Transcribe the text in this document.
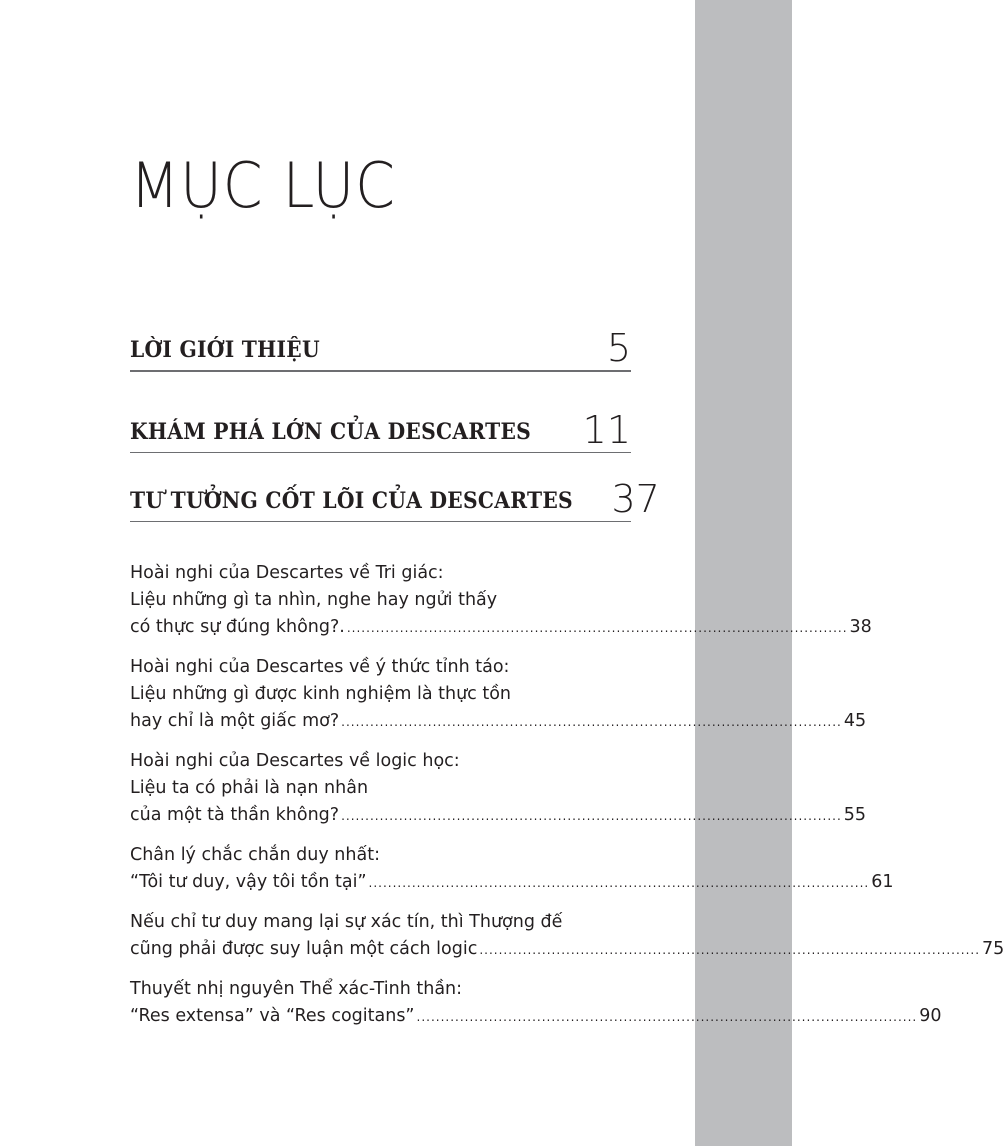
MỤC LỤC
LỜI GIỚI THIỆU	5
KHÁM PHÁ LỚN CỦA DESCARTES 11
TƯ TƯỞNG CỐT LÕI CỦA DESCARTES 37
Hoài nghi của Descartes về Tri giác:
Liệu những gì ta nhìn, nghe hay ngửi thấy
có thực sự đúng không?. ........................................................................................................ 38
Hoài nghi của Descartes về ý thức tỉnh táo:
Liệu những gì được kinh nghiệm là thực tồn
hay chỉ là một giấc mơ? ........................................................................................................ 45
Hoài nghi của Descartes về logic học:
Liệu ta có phải là nạn nhân
của một tà thần không? ........................................................................................................ 55
Chân lý chắc chắn duy nhất:
“Tôi tư duy, vậy tôi tồn tại” ........................................................................................................ 61
Nếu chỉ tư duy mang lại sự xác tín, thì Thượng đế
cũng phải được suy luận một cách logic ........................................................................................................ 75
Thuyết nhị nguyên Thể xác-Tinh thần:
“Res extensa” và “Res cogitans” ........................................................................................................ 90
